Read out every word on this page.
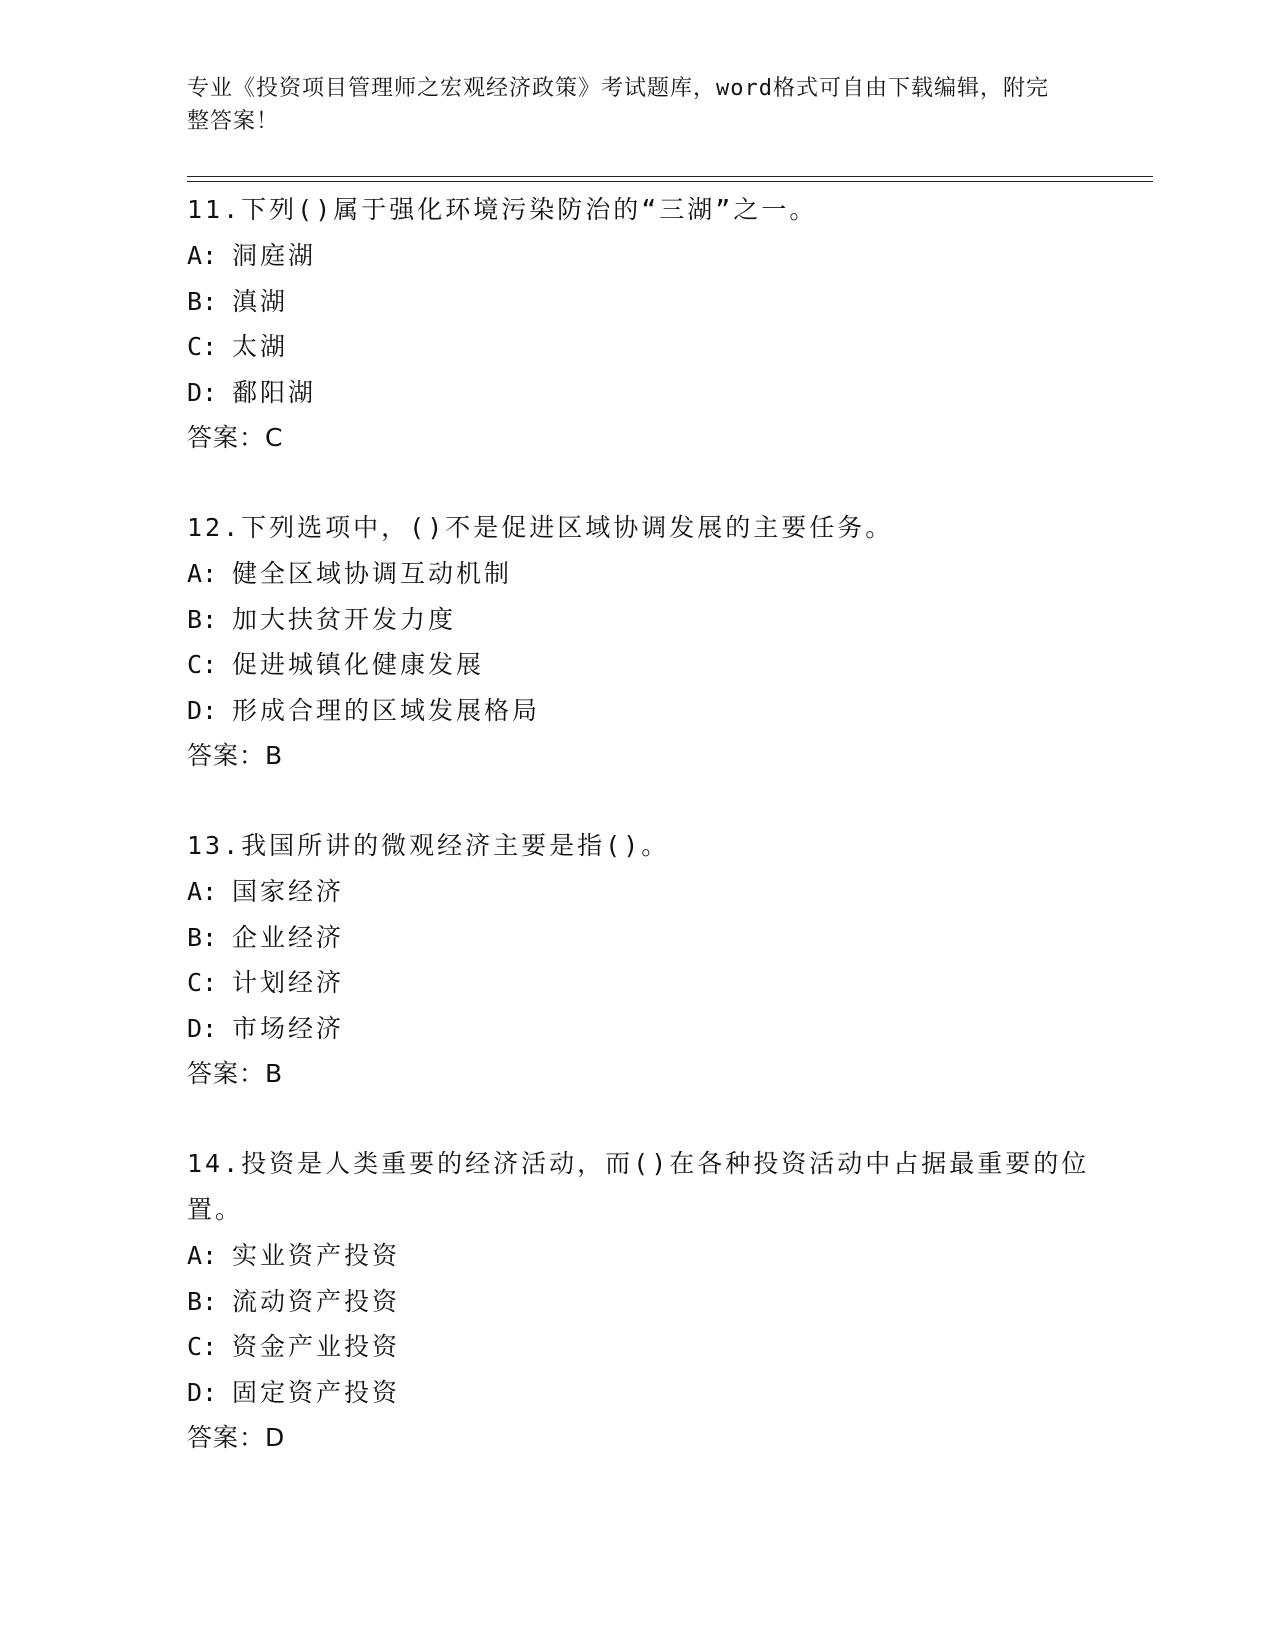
专业《投资项目管理师之宏观经济政策》考试题库，word格式可自由下载编辑，附完整答案！
11.下列()属于强化环境污染防治的“三湖”之一。
A: 洞庭湖
B: 滇湖
C: 太湖
D: 鄱阳湖
答案：C
12.下列选项中，()不是促进区域协调发展的主要任务。
A: 健全区域协调互动机制
B: 加大扶贫开发力度
C: 促进城镇化健康发展
D: 形成合理的区域发展格局
答案：B
13.我国所讲的微观经济主要是指()。
A: 国家经济
B: 企业经济
C: 计划经济
D: 市场经济
答案：B
14.投资是人类重要的经济活动，而()在各种投资活动中占据最重要的位置。
A: 实业资产投资
B: 流动资产投资
C: 资金产业投资
D: 固定资产投资
答案：D
